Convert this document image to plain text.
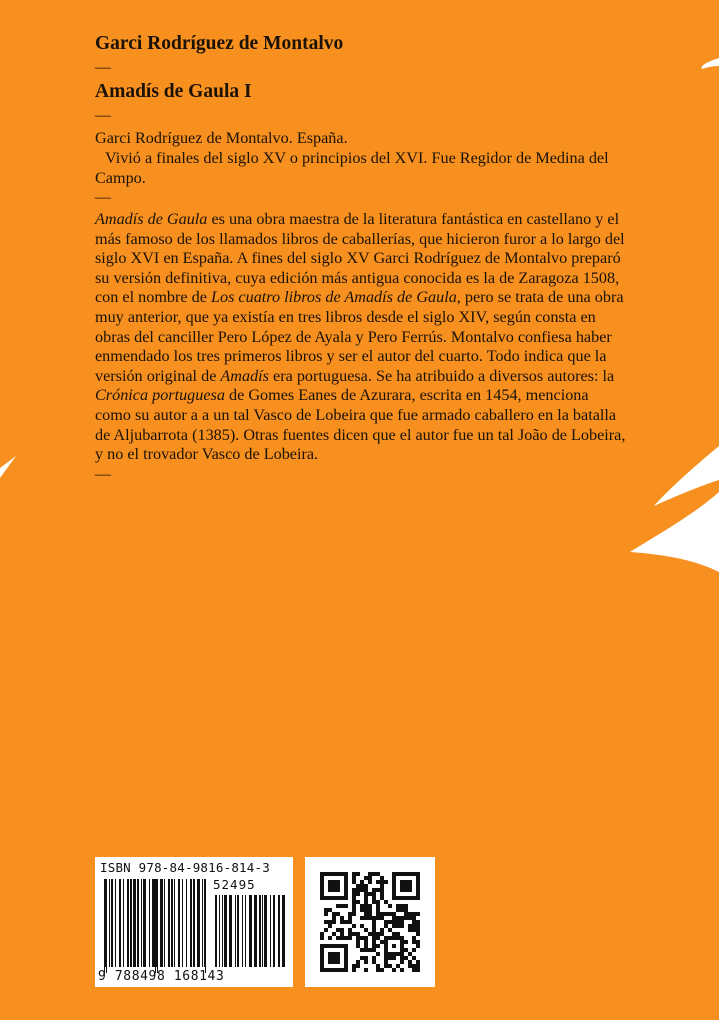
Garci Rodríguez de Montalvo
—
Amadís de Gaula I
—
Garci Rodríguez de Montalvo. España.
Vivió a finales del siglo XV o principios del XVI. Fue Regidor de Medina del Campo.
—
Amadís de Gaula es una obra maestra de la literatura fantástica en castellano y el más famoso de los llamados libros de caballerías, que hicieron furor a lo largo del siglo XVI en España. A fines del siglo XV Garci Rodríguez de Montalvo preparó su versión definitiva, cuya edición más antigua conocida es la de Zaragoza 1508, con el nombre de Los cuatro libros de Amadís de Gaula, pero se trata de una obra muy anterior, que ya existía en tres libros desde el siglo XIV, según consta en obras del canciller Pero López de Ayala y Pero Ferrús. Montalvo confiesa haber enmendado los tres primeros libros y ser el autor del cuarto. Todo indica que la versión original de Amadís era portuguesa. Se ha atribuido a diversos autores: la Crónica portuguesa de Gomes Eanes de Azurara, escrita en 1454, menciona como su autor a a un tal Vasco de Lobeira que fue armado caballero en la batalla de Aljubarrota (1385). Otras fuentes dicen que el autor fue un tal João de Lobeira, y no el trovador Vasco de Lobeira.
—
ISBN 978-84-9816-814-3
52495
9 788498 168143
